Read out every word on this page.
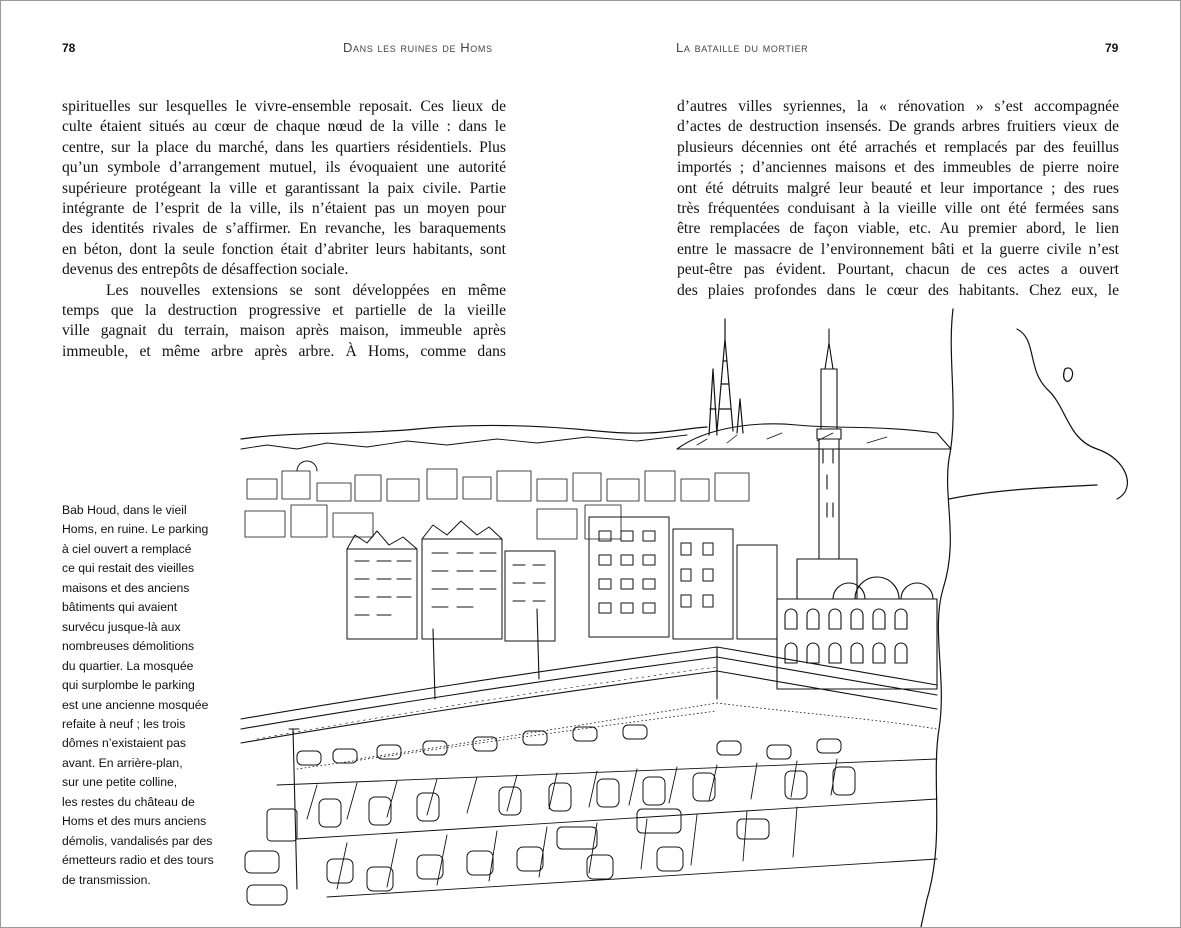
78	Dans les ruines de Homs	La bataille du mortier	79
spirituelles sur lesquelles le vivre-ensemble reposait. Ces lieux de
culte étaient situés au cœur de chaque nœud de la ville : dans le
centre, sur la place du marché, dans les quartiers résidentiels. Plus
qu’un symbole d’arrangement mutuel, ils évoquaient une autorité
supérieure protégeant la ville et garantissant la paix civile. Partie
intégrante de l’esprit de la ville, ils n’étaient pas un moyen pour
des identités rivales de s’affirmer. En revanche, les baraquements
en béton, dont la seule fonction était d’abriter leurs habitants, sont
devenus des entrepôts de désaffection sociale.
Les nouvelles extensions se sont développées en même
temps que la destruction progressive et partielle de la vieille
ville gagnait du terrain, maison après maison, immeuble après
immeuble, et même arbre après arbre. À Homs, comme dans
d’autres villes syriennes, la « rénovation » s’est accompagnée
d’actes de destruction insensés. De grands arbres fruitiers vieux de
plusieurs décennies ont été arrachés et remplacés par des feuillus
importés ; d’anciennes maisons et des immeubles de pierre noire
ont été détruits malgré leur beauté et leur importance ; des rues
très fréquentées conduisant à la vieille ville ont été fermées sans
être remplacées de façon viable, etc. Au premier abord, le lien
entre le massacre de l’environnement bâti et la guerre civile n’est
peut-être pas évident. Pourtant, chacun de ces actes a ouvert
des plaies profondes dans le cœur des habitants. Chez eux, le
Bab Houd, dans le vieil
Homs, en ruine. Le parking
à ciel ouvert a remplacé
ce qui restait des vieilles
maisons et des anciens
bâtiments qui avaient
survécu jusque-là aux
nombreuses démolitions
du quartier. La mosquée
qui surplombe le parking
est une ancienne mosquée
refaite à neuf ; les trois
dômes n’existaient pas
avant. En arrière-plan,
sur une petite colline,
les restes du château de
Homs et des murs anciens
démolis, vandalisés par des
émetteurs radio et des tours
de transmission.
